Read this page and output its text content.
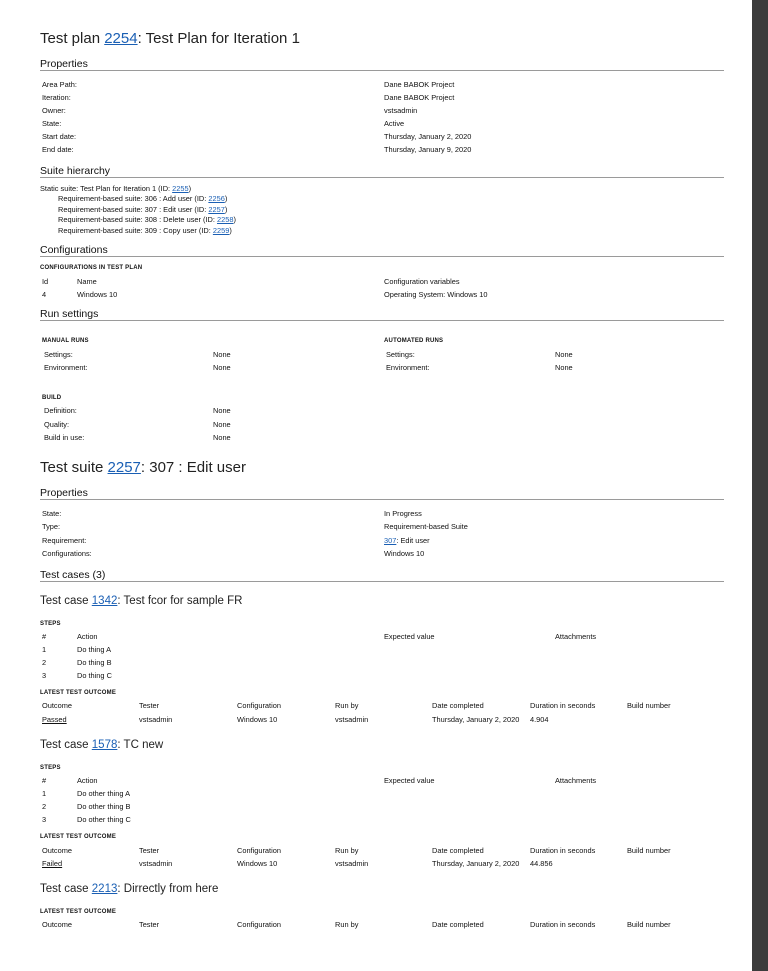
Test plan 2254: Test Plan for Iteration 1
Properties
Area Path:	Dane BABOK Project
Iteration:	Dane BABOK Project
Owner:	vstsadmin
State:	Active
Start date:	Thursday, January 2, 2020
End date:	Thursday, January 9, 2020
Suite hierarchy
Static suite: Test Plan for Iteration 1 (ID: 2255)
Requirement-based suite: 306 : Add user (ID: 2256)
Requirement-based suite: 307 : Edit user (ID: 2257)
Requirement-based suite: 308 : Delete user (ID: 2258)
Requirement-based suite: 309 : Copy user (ID: 2259)
Configurations
CONFIGURATIONS IN TEST PLAN
Id	Name	Configuration variables
4	Windows 10	Operating System: Windows 10
Run settings
MANUAL RUNS	AUTOMATED RUNS
Settings:	None
Environment:	None
Settings:	None
Environment:	None
BUILD
Definition:	None
Quality:	None
Build in use:	None
Test suite 2257: 307 : Edit user
Properties
State:	In Progress
Type:	Requirement-based Suite
Requirement:	307: Edit user
Configurations:	Windows 10
Test cases (3)
Test case 1342: Test fcor for sample FR
STEPS
#	Action	Expected value	Attachments
1	Do thing A
2	Do thing B
3	Do thing C
LATEST TEST OUTCOME
Outcome	Tester	Configuration	Run by	Date completed	Duration in seconds	Build number
Passed	vstsadmin	Windows 10	vstsadmin	Thursday, January 2, 2020 4.904
Test case 1578: TC new
STEPS
#	Action	Expected value	Attachments
1	Do other thing A
2	Do other thing B
3	Do other thing C
LATEST TEST OUTCOME
Outcome	Tester	Configuration	Run by	Date completed	Duration in seconds	Build number
Failed	vstsadmin	Windows 10	vstsadmin	Thursday, January 2, 2020 44.856
Test case 2213: Dirrectly from here
LATEST TEST OUTCOME
Outcome	Tester	Configuration	Run by	Date completed	Duration in seconds	Build number
